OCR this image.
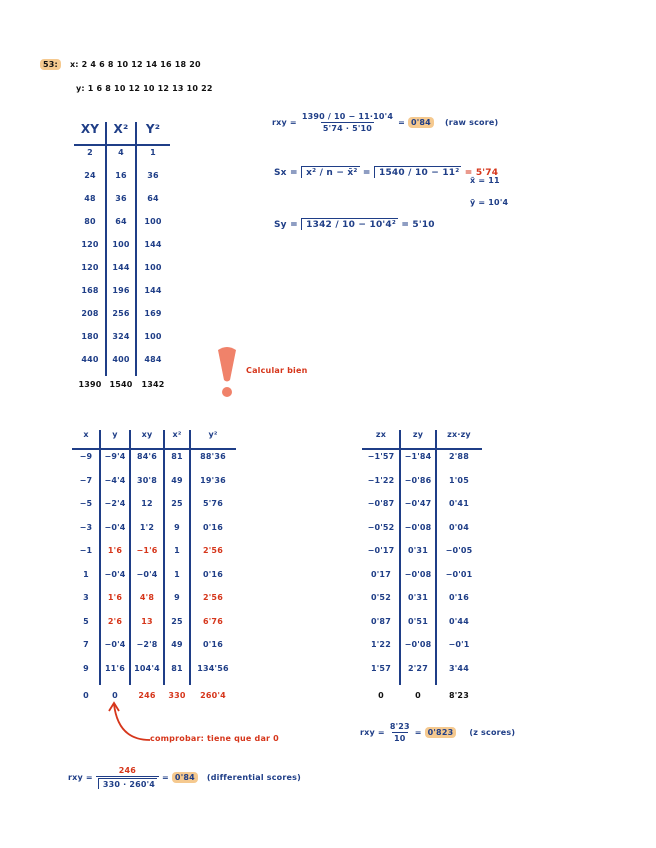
53: x: 2 4 6 8 10 12 14 16 18 20
y: 1 6 8 10 12 10 12 13 10 22
XY	X²	Y²
2	4	1
24	16	36
48	36	64
80	64	100
120	100	144
120	144	100
168	196	144
208	256	169
180	324	100
440	400	484
1390 1540	1342
rxy = $\frac{1390 / 10 - 11\cdot 10'4}{5'74 \cdot 5'10} = 0'84$ (raw score)
Sx = x² / n − x̄² = 1540 / 10 − 11² = 5'74
x̄ = 11
ȳ = 10'4
Sy = 1342 / 10 − 10'4² = 5'10
Calcular bien
x	y	xy	x²	y²
−9	−9'4	84'6	81	88'36
−7	−4'4	30'8	49	19'36
−5	−2'4	12	25	5'76
−3	−0'4	1'2	9	0'16
−1	1'6	−1'6	1	2'56
1	−0'4	−0'4	1	0'16
3	1'6	4'8	9	2'56
5	2'6	13	25	6'76
7	−0'4	−2'8	49	0'16
9	11'6	104'4	81	134'56
0	0	246	330	260'4
zx	zy	zx·zy
−1'57	−1'84	2'88
−1'22	−0'86	1'05
−0'87	−0'47	0'41
−0'52	−0'08	0'04
−0'17	0'31	−0'05
0'17	−0'08	−0'01
0'52	0'31	0'16
0'87	0'51	0'44
1'22	−0'08	−0'1
1'57	2'27	3'44
0	0	8'23
comprobar: tiene que dar 0
rxy = $\frac{8'23}{10} = 0'823$ (z scores)
rxy = $\frac{246}{330 \cdot 260'4} = 0'84$ (differential scores)
